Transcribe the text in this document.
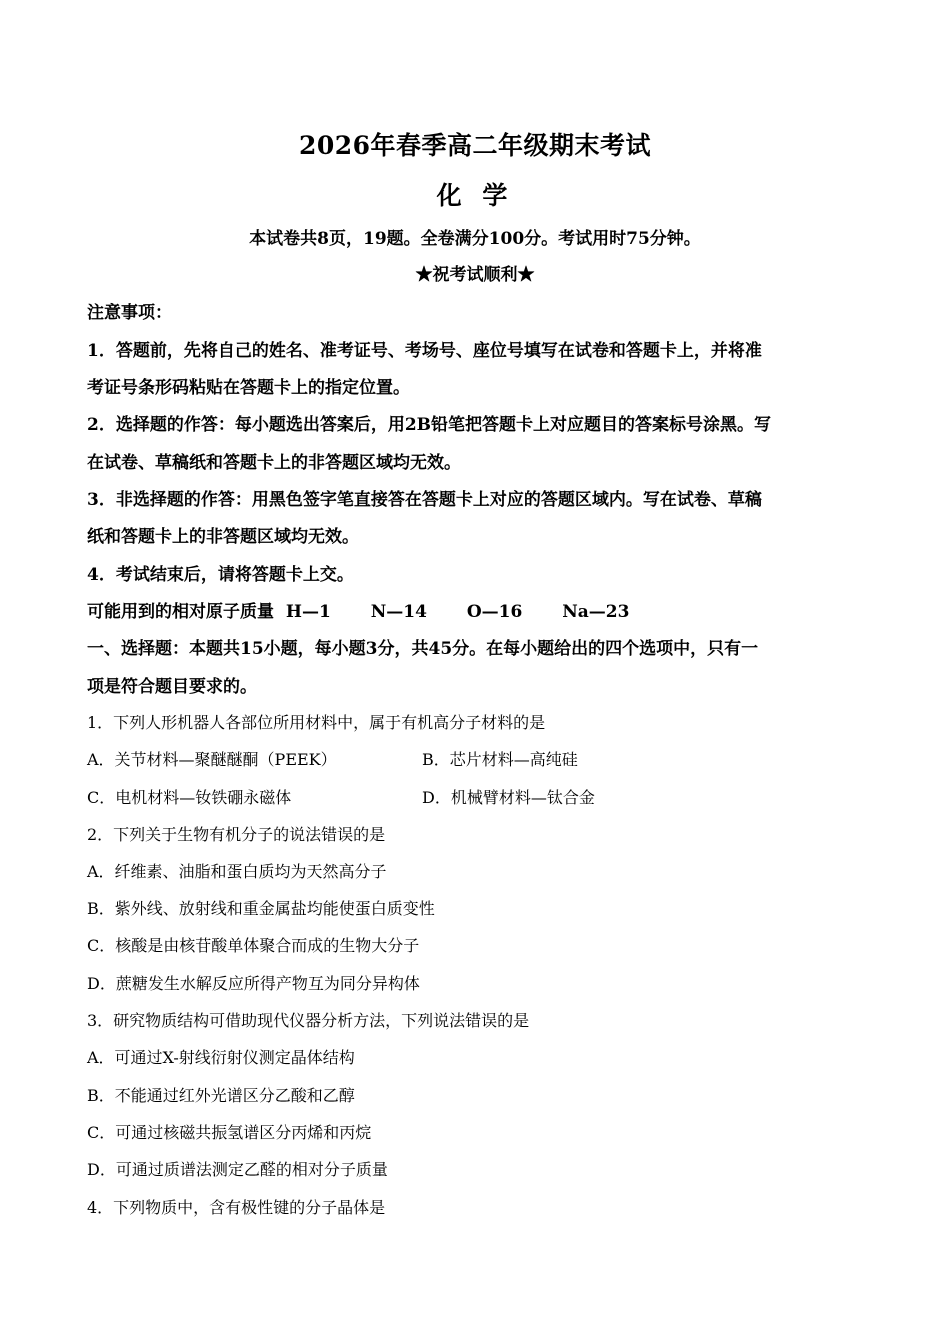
2026年春季高二年级期末考试
化 学
本试卷共8页，19题。全卷满分100分。考试用时75分钟。
★祝考试顺利★
注意事项：
1．答题前，先将自己的姓名、准考证号、考场号、座位号填写在试卷和答题卡上，并将准
考证号条形码粘贴在答题卡上的指定位置。
2．选择题的作答：每小题选出答案后，用2B铅笔把答题卡上对应题目的答案标号涂黑。写
在试卷、草稿纸和答题卡上的非答题区域均无效。
3．非选择题的作答：用黑色签字笔直接答在答题卡上对应的答题区域内。写在试卷、草稿
纸和答题卡上的非答题区域均无效。
4．考试结束后，请将答题卡上交。
可能用到的相对原子质量 H—1 N—14 O—16 Na—23
一、选择题：本题共15小题，每小题3分，共45分。在每小题给出的四个选项中，只有一
项是符合题目要求的。
1．下列人形机器人各部位所用材料中，属于有机高分子材料的是
A．关节材料—聚醚醚酮（PEEK）	B．芯片材料—高纯硅
C．电机材料—钕铁硼永磁体	D．机械臂材料—钛合金
2．下列关于生物有机分子的说法错误的是
A．纤维素、油脂和蛋白质均为天然高分子
B．紫外线、放射线和重金属盐均能使蛋白质变性
C．核酸是由核苷酸单体聚合而成的生物大分子
D．蔗糖发生水解反应所得产物互为同分异构体
3．研究物质结构可借助现代仪器分析方法，下列说法错误的是
A．可通过X-射线衍射仪测定晶体结构
B．不能通过红外光谱区分乙酸和乙醇
C．可通过核磁共振氢谱区分丙烯和丙烷
D．可通过质谱法测定乙醛的相对分子质量
4．下列物质中，含有极性键的分子晶体是
